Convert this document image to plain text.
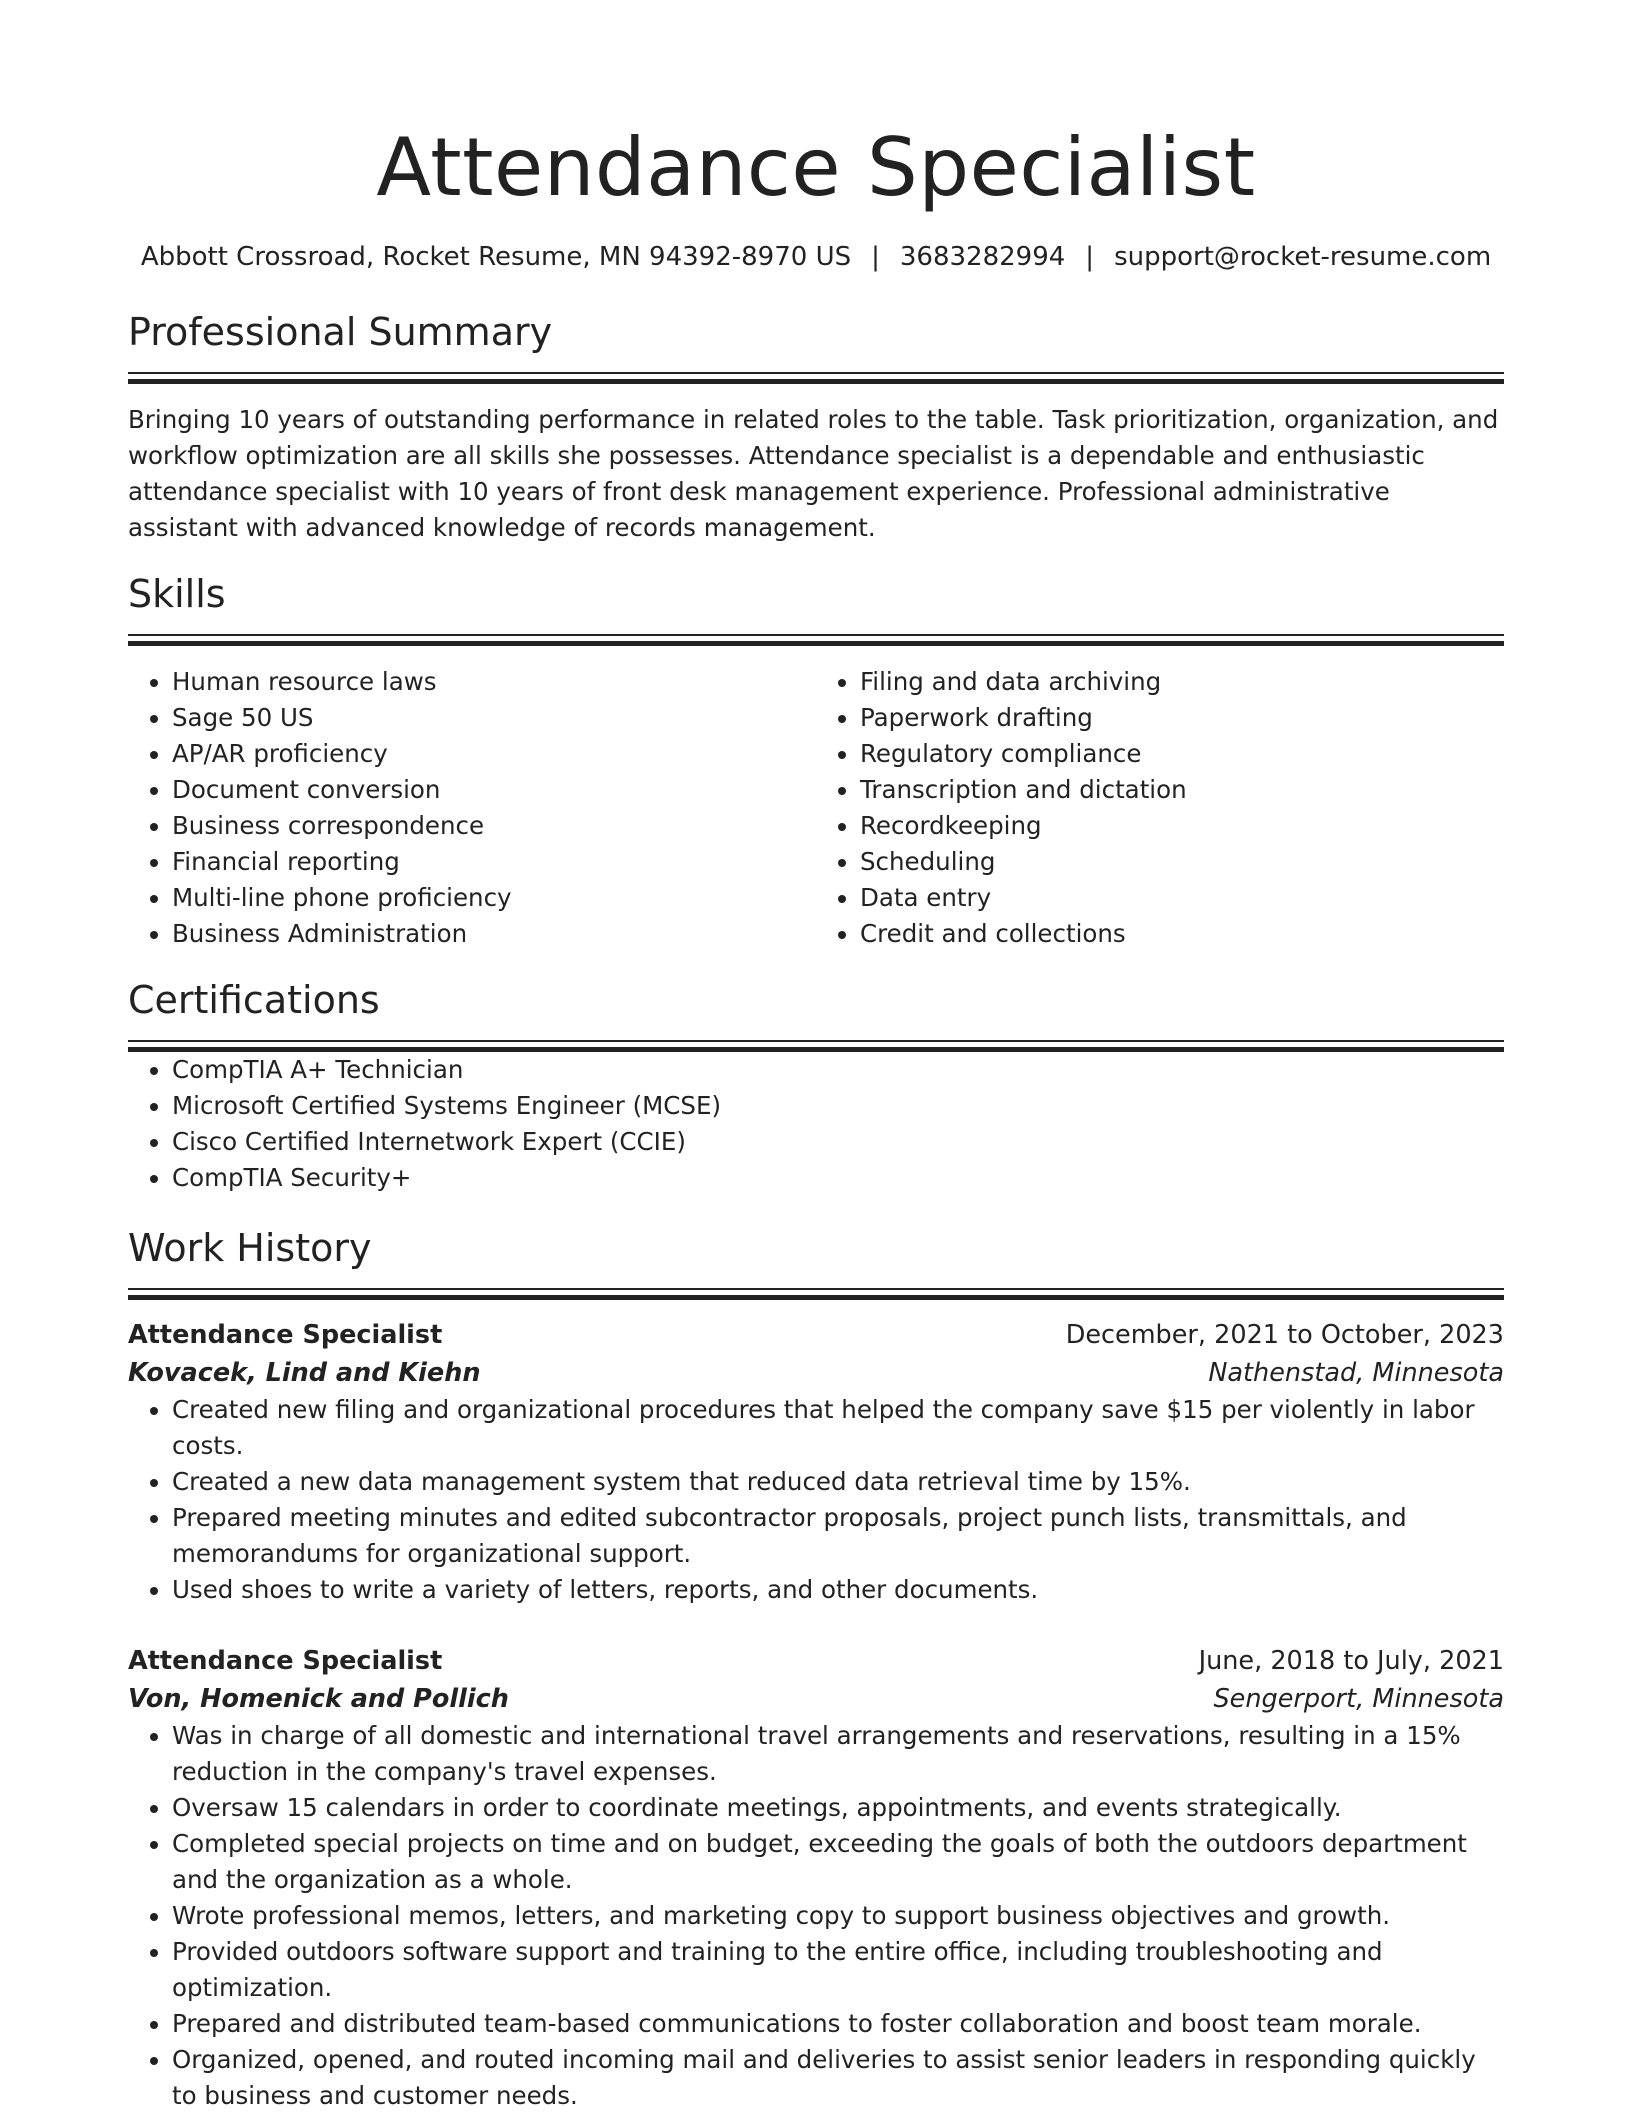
Attendance Specialist
Abbott Crossroad, Rocket Resume, MN 94392-8970 US | 3683282994 | support@rocket-resume.com
Professional Summary

Bringing 10 years of outstanding performance in related roles to the table. Task prioritization, organization, and workflow optimization are all skills she possesses. Attendance specialist is a dependable and enthusiastic attendance specialist with 10 years of front desk management experience. Professional administrative assistant with advanced knowledge of records management.

Skills
• Human resource laws
• Sage 50 US
• AP/AR proficiency
• Document conversion
• Business correspondence
• Financial reporting
• Multi-line phone proficiency
• Business Administration
• Filing and data archiving
• Paperwork drafting
• Regulatory compliance
• Transcription and dictation
• Recordkeeping
• Scheduling
• Data entry
• Credit and collections
Certifications
• CompTIA A+ Technician
• Microsoft Certified Systems Engineer (MCSE)
• Cisco Certified Internetwork Expert (CCIE)
• CompTIA Security+
Work History
Attendance Specialist	December, 2021 to October, 2023
Kovacek, Lind and Kiehn	Nathenstad, Minnesota
• Created new filing and organizational procedures that helped the company save $15 per violently in labor costs.
• Created a new data management system that reduced data retrieval time by 15%.
• Prepared meeting minutes and edited subcontractor proposals, project punch lists, transmittals, and memorandums for organizational support.
• Used shoes to write a variety of letters, reports, and other documents.
Attendance Specialist	June, 2018 to July, 2021
Von, Homenick and Pollich	Sengerport, Minnesota
• Was in charge of all domestic and international travel arrangements and reservations, resulting in a 15% reduction in the company's travel expenses.
• Oversaw 15 calendars in order to coordinate meetings, appointments, and events strategically.
• Completed special projects on time and on budget, exceeding the goals of both the outdoors department and the organization as a whole.
• Wrote professional memos, letters, and marketing copy to support business objectives and growth.
• Provided outdoors software support and training to the entire office, including troubleshooting and optimization.
• Prepared and distributed team-based communications to foster collaboration and boost team morale.
• Organized, opened, and routed incoming mail and deliveries to assist senior leaders in responding quickly to business and customer needs.
